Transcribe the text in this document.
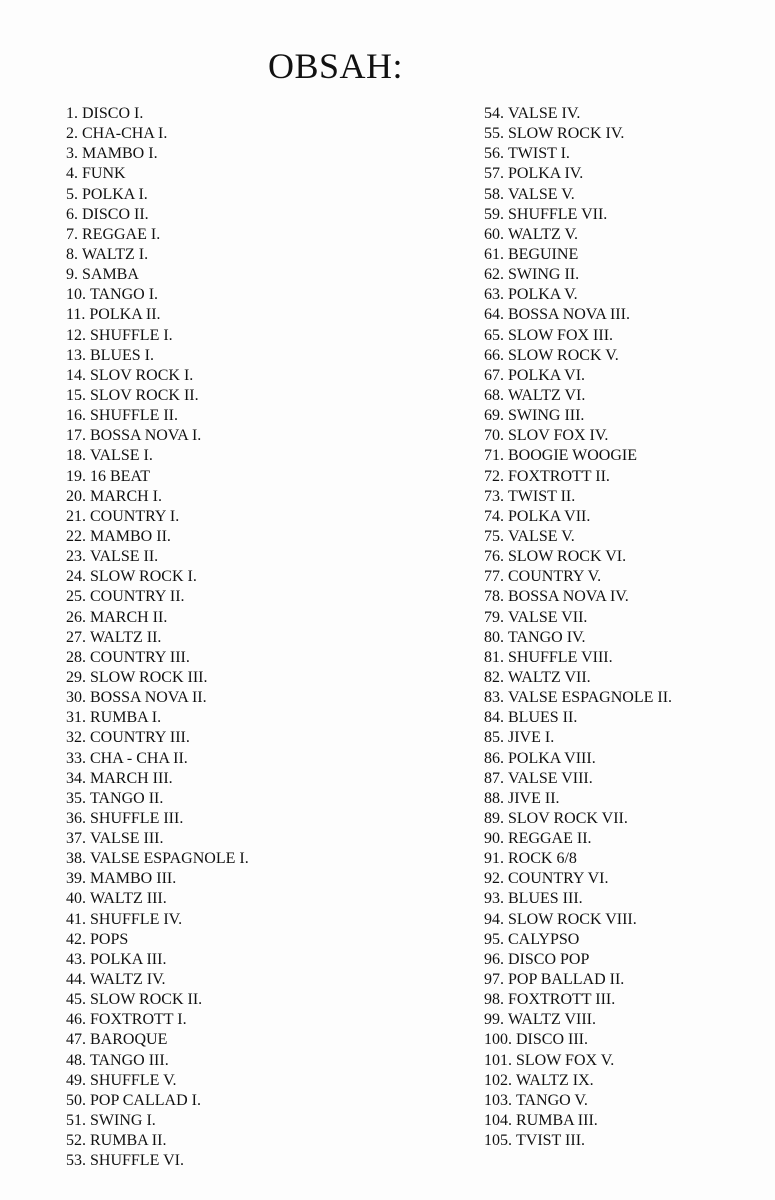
OBSAH:
1. DISCO I.
2. CHA-CHA I.
3. MAMBO I.
4. FUNK
5. POLKA I.
6. DISCO II.
7. REGGAE I.
8. WALTZ I.
9. SAMBA
10. TANGO I.
11. POLKA II.
12. SHUFFLE I.
13. BLUES I.
14. SLOV ROCK I.
15. SLOV ROCK II.
16. SHUFFLE II.
17. BOSSA NOVA I.
18. VALSE I.
19. 16 BEAT
20. MARCH I.
21. COUNTRY I.
22. MAMBO II.
23. VALSE II.
24. SLOW ROCK I.
25. COUNTRY II.
26. MARCH II.
27. WALTZ II.
28. COUNTRY III.
29. SLOW ROCK III.
30. BOSSA NOVA II.
31. RUMBA I.
32. COUNTRY III.
33. CHA - CHA II.
34. MARCH III.
35. TANGO II.
36. SHUFFLE III.
37. VALSE III.
38. VALSE ESPAGNOLE I.
39. MAMBO III.
40. WALTZ III.
41. SHUFFLE IV.
42. POPS
43. POLKA III.
44. WALTZ IV.
45. SLOW ROCK II.
46. FOXTROTT I.
47. BAROQUE
48. TANGO III.
49. SHUFFLE V.
50. POP CALLAD I.
51. SWING I.
52. RUMBA II.
53. SHUFFLE VI.
54. VALSE IV.
55. SLOW ROCK IV.
56. TWIST I.
57. POLKA IV.
58. VALSE V.
59. SHUFFLE VII.
60. WALTZ V.
61. BEGUINE
62. SWING II.
63. POLKA V.
64. BOSSA NOVA III.
65. SLOW FOX III.
66. SLOW ROCK V.
67. POLKA VI.
68. WALTZ VI.
69. SWING III.
70. SLOV FOX IV.
71. BOOGIE WOOGIE
72. FOXTROTT II.
73. TWIST II.
74. POLKA VII.
75. VALSE V.
76. SLOW ROCK VI.
77. COUNTRY V.
78. BOSSA NOVA IV.
79. VALSE VII.
80. TANGO IV.
81. SHUFFLE VIII.
82. WALTZ VII.
83. VALSE ESPAGNOLE II.
84. BLUES II.
85. JIVE I.
86. POLKA VIII.
87. VALSE VIII.
88. JIVE II.
89. SLOV ROCK VII.
90. REGGAE II.
91. ROCK 6/8
92. COUNTRY VI.
93. BLUES III.
94. SLOW ROCK VIII.
95. CALYPSO
96. DISCO POP
97. POP BALLAD II.
98. FOXTROTT III.
99. WALTZ VIII.
100. DISCO III.
101. SLOW FOX V.
102. WALTZ IX.
103. TANGO V.
104. RUMBA III.
105. TVIST III.
